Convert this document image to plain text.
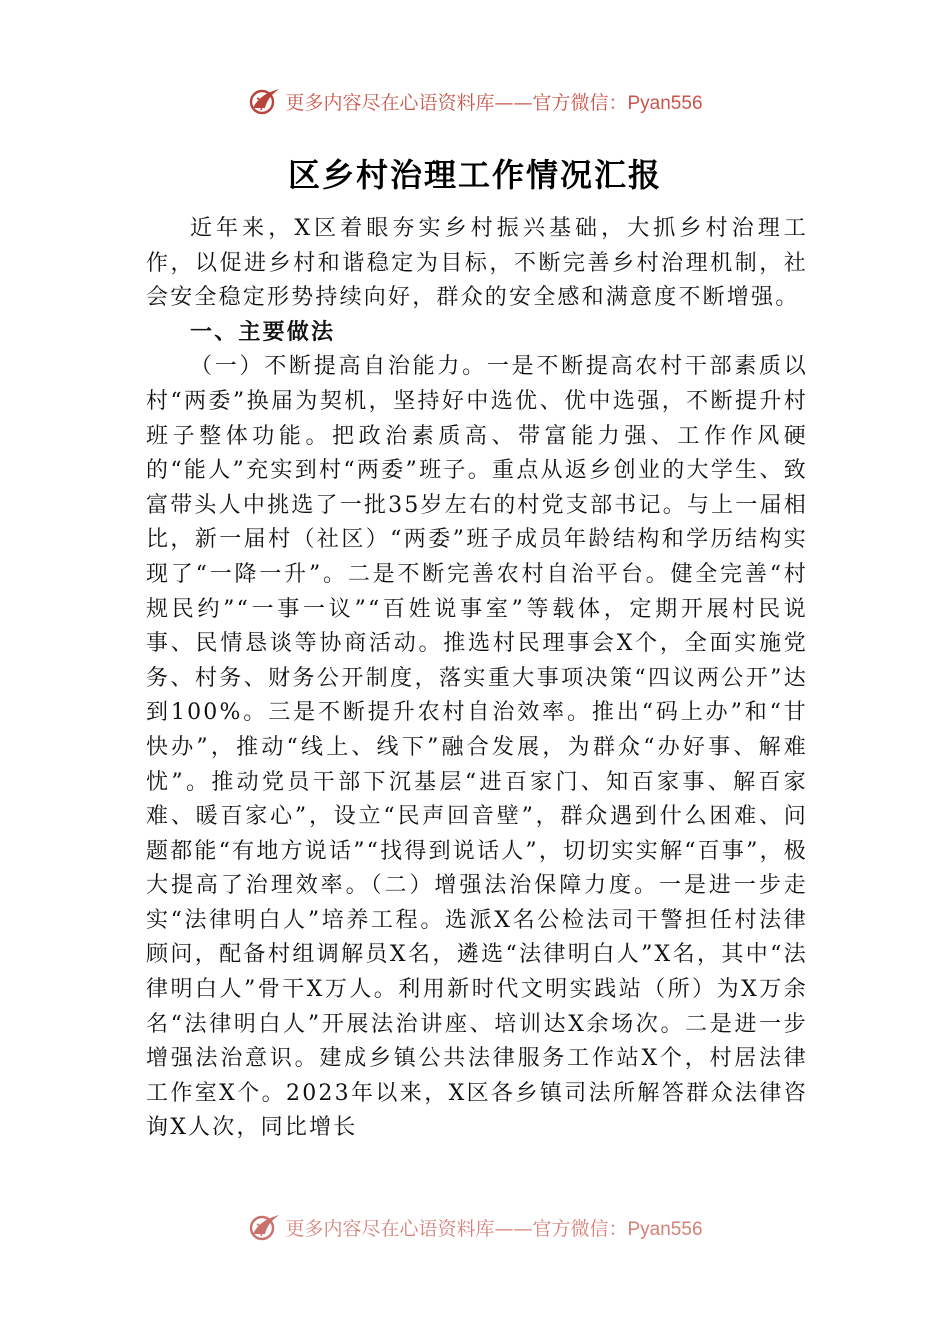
更多内容尽在心语资料库——官方微信：Pyan556
区乡村治理工作情况汇报

近年来，X区着眼夯实乡村振兴基础，大抓乡村治理工作，以促进乡村和谐稳定为目标，不断完善乡村治理机制，社会安全稳定形势持续向好，群众的安全感和满意度不断增强。

一、主要做法

（一）不断提高自治能力。一是不断提高农村干部素质以村“两委”换届为契机，坚持好中选优、优中选强，不断提升村班子整体功能。把政治素质高、带富能力强、工作作风硬的“能人”充实到村“两委”班子。重点从返乡创业的大学生、致富带头人中挑选了一批35岁左右的村党支部书记。与上一届相比，新一届村（社区）“两委”班子成员年龄结构和学历结构实现了“一降一升”。二是不断完善农村自治平台。健全完善“村规民约”“一事一议”“百姓说事室”等载体，定期开展村民说事、民情恳谈等协商活动。推选村民理事会X个，全面实施党务、村务、财务公开制度，落实重大事项决策“四议两公开”达到100%。三是不断提升农村自治效率。推出“码上办”和“甘快办”，推动“线上、线下”融合发展，为群众“办好事、解难忧”。推动党员干部下沉基层“进百家门、知百家事、解百家难、暖百家心”，设立“民声回音壁”，群众遇到什么困难、问题都能“有地方说话”“找得到说话人”，切切实实解“百事”，极大提高了治理效率。（二）增强法治保障力度。一是进一步走实“法律明白人”培养工程。选派X名公检法司干警担任村法律顾问，配备村组调解员X名，遴选“法律明白人”X名，其中“法律明白人”骨干X万人。利用新时代文明实践站（所）为X万余名“法律明白人”开展法治讲座、培训达X余场次。二是进一步增强法治意识。建成乡镇公共法律服务工作站X个，村居法律工作室X个。2023年以来，X区各乡镇司法所解答群众法律咨询X人次，同比增长

更多内容尽在心语资料库——官方微信：Pyan556
